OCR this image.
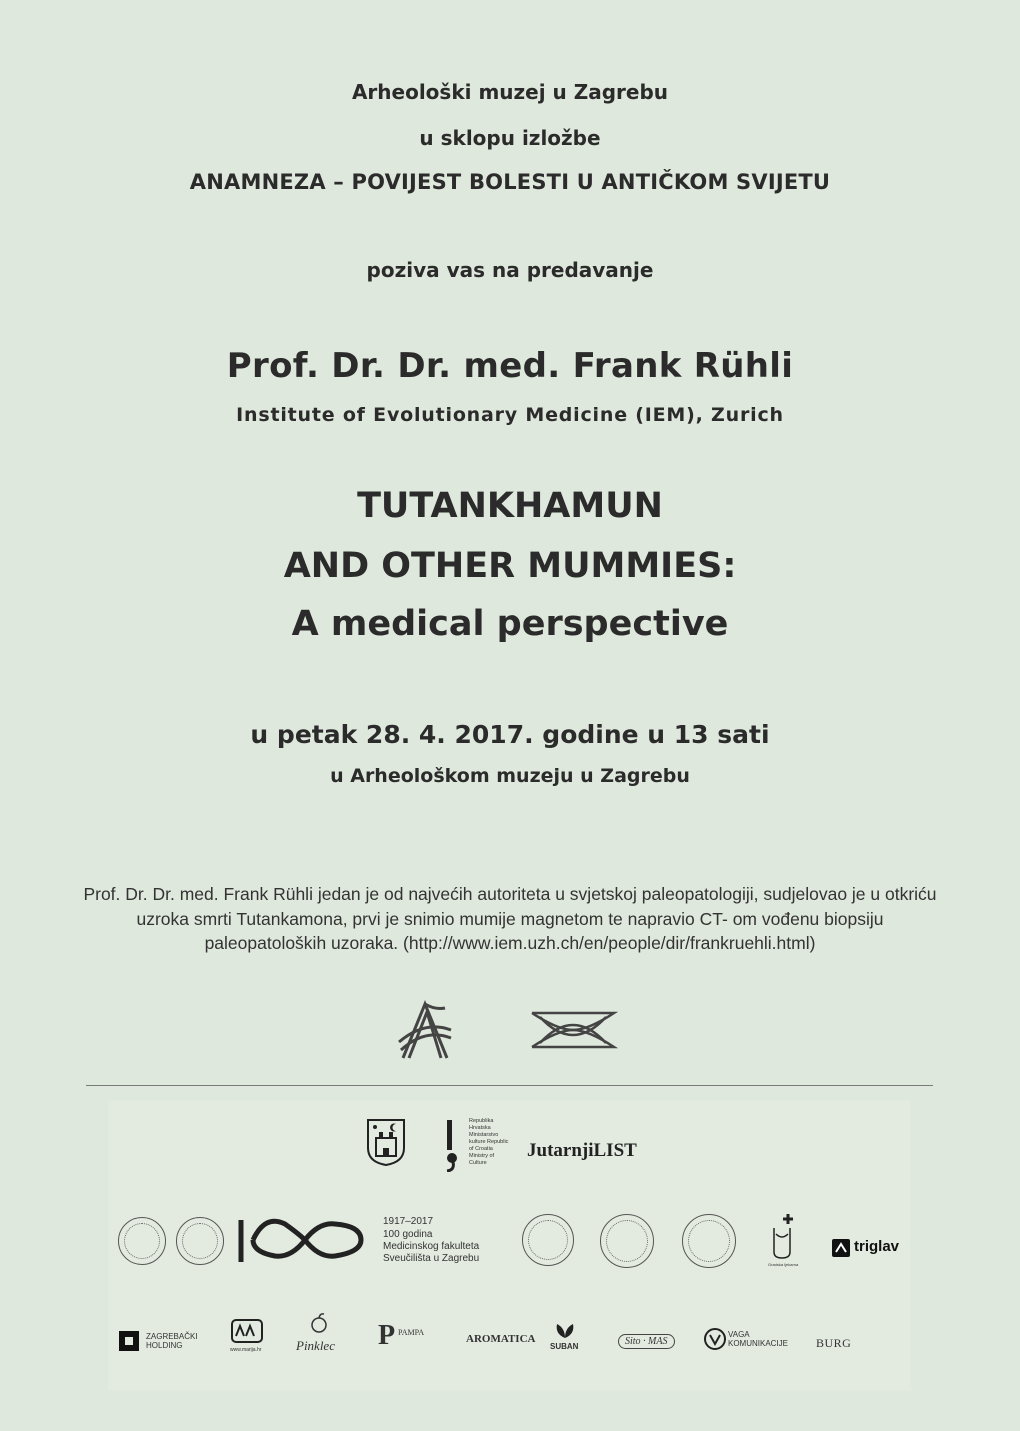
Arheološki muzej u Zagrebu
u sklopu izložbe
ANAMNEZA – POVIJEST BOLESTI U ANTIČKOM SVIJETU
poziva vas na predavanje
Prof. Dr. Dr. med. Frank Rühli
Institute of Evolutionary Medicine (IEM), Zurich
TUTANKHAMUN
AND OTHER MUMMIES:
A medical perspective
u petak 28. 4. 2017. godine u 13 sati
u Arheološkom muzeju u Zagrebu
Prof. Dr. Dr. med. Frank Rühli jedan je od najvećih autoriteta u svjetskoj paleopatologiji, sudjelovao je u otkriću uzroka smrti Tutankamona, prvi je snimio mumije magnetom te napravio CT- om vođenu biopsiju paleopatoloških uzoraka. (http://www.iem.uzh.ch/en/people/dir/frankruehli.html)
Republika Hrvatska Ministarstvo kulture Republic of Croatia Ministry of Culture
JutarnjiLIST
1917–2017
100 godina Medicinskog fakulteta Sveučilišta u Zagrebu
Gradska ljekarna
triglav
ZAGREBAČKI HOLDING	www.marija.hr	Pinklec P PAMPA
AROMATICA
SUBAN	Sito · MAS
VAGA KOMUNIKACIJE BURG
